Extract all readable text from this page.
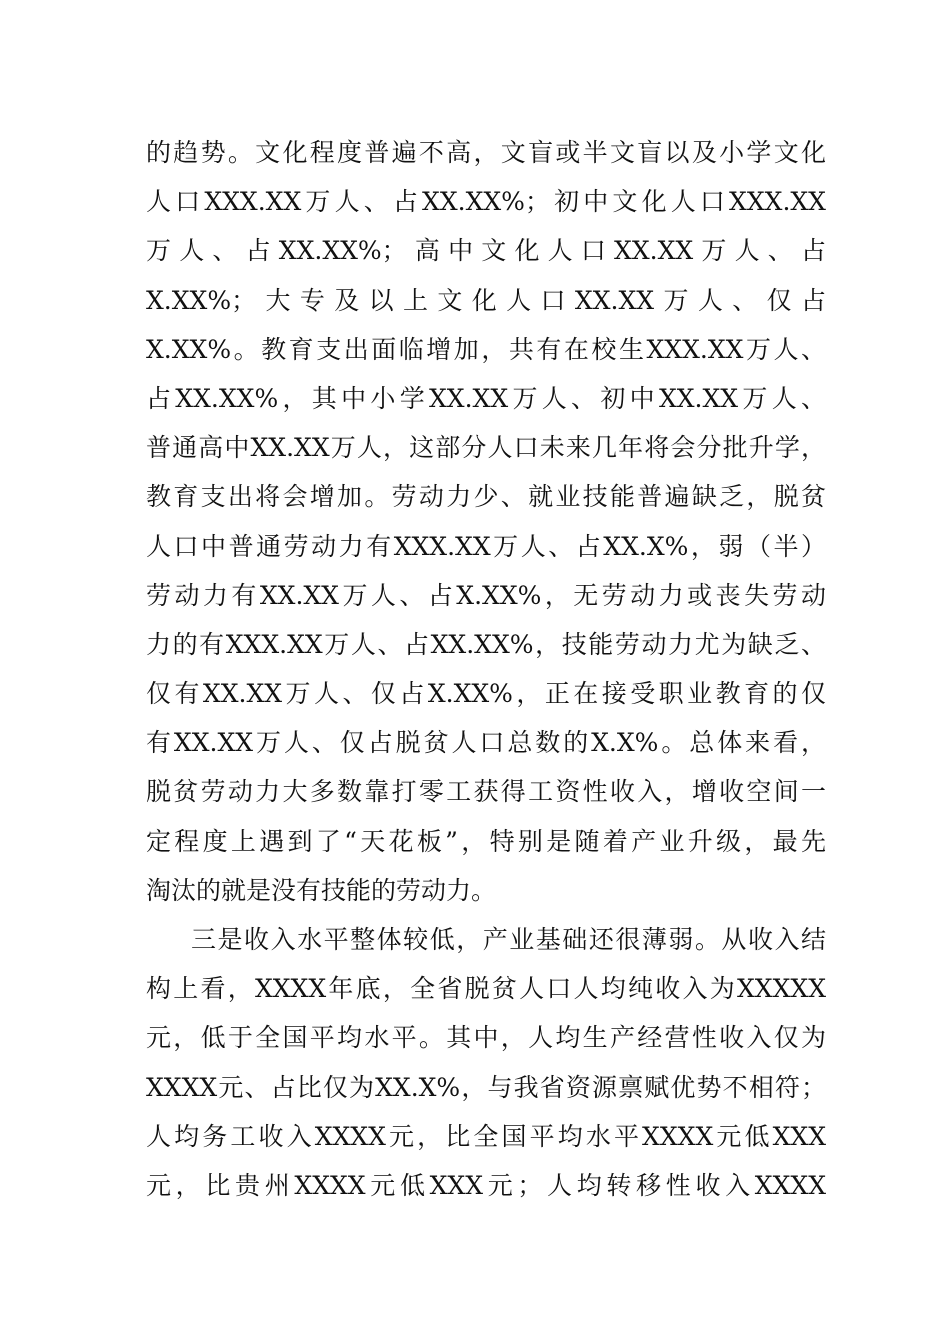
的趋势。文化程度普遍不高，文盲或半文盲以及小学文化
人口XXX.XX万人、占XX.XX%；初中文化人口XXX.XX
万人、占XX.XX%；高中文化人口XX.XX万人、占
X.XX%；大专及以上文化人口XX.XX万人、仅占
X.XX%。教育支出面临增加，共有在校生XXX.XX万人、
占XX.XX%，其中小学XX.XX万人、初中XX.XX万人、
普通高中XX.XX万人，这部分人口未来几年将会分批升学，
教育支出将会增加。劳动力少、就业技能普遍缺乏，脱贫
人口中普通劳动力有XXX.XX万人、占XX.X%，弱（半）
劳动力有XX.XX万人、占X.XX%，无劳动力或丧失劳动
力的有XXX.XX万人、占XX.XX%，技能劳动力尤为缺乏、
仅有XX.XX万人、仅占X.XX%，正在接受职业教育的仅
有XX.XX万人、仅占脱贫人口总数的X.X%。总体来看，
脱贫劳动力大多数靠打零工获得工资性收入，增收空间一
定程度上遇到了“天花板”，特别是随着产业升级，最先
淘汰的就是没有技能的劳动力。
三是收入水平整体较低，产业基础还很薄弱。从收入结
构上看，XXXX年底，全省脱贫人口人均纯收入为XXXXX
元，低于全国平均水平。其中，人均生产经营性收入仅为
XXXX元、占比仅为XX.X%，与我省资源禀赋优势不相符；
人均务工收入XXXX元，比全国平均水平XXXX元低XXX
元，比贵州XXXX元低XXX元；人均转移性收入XXXX
